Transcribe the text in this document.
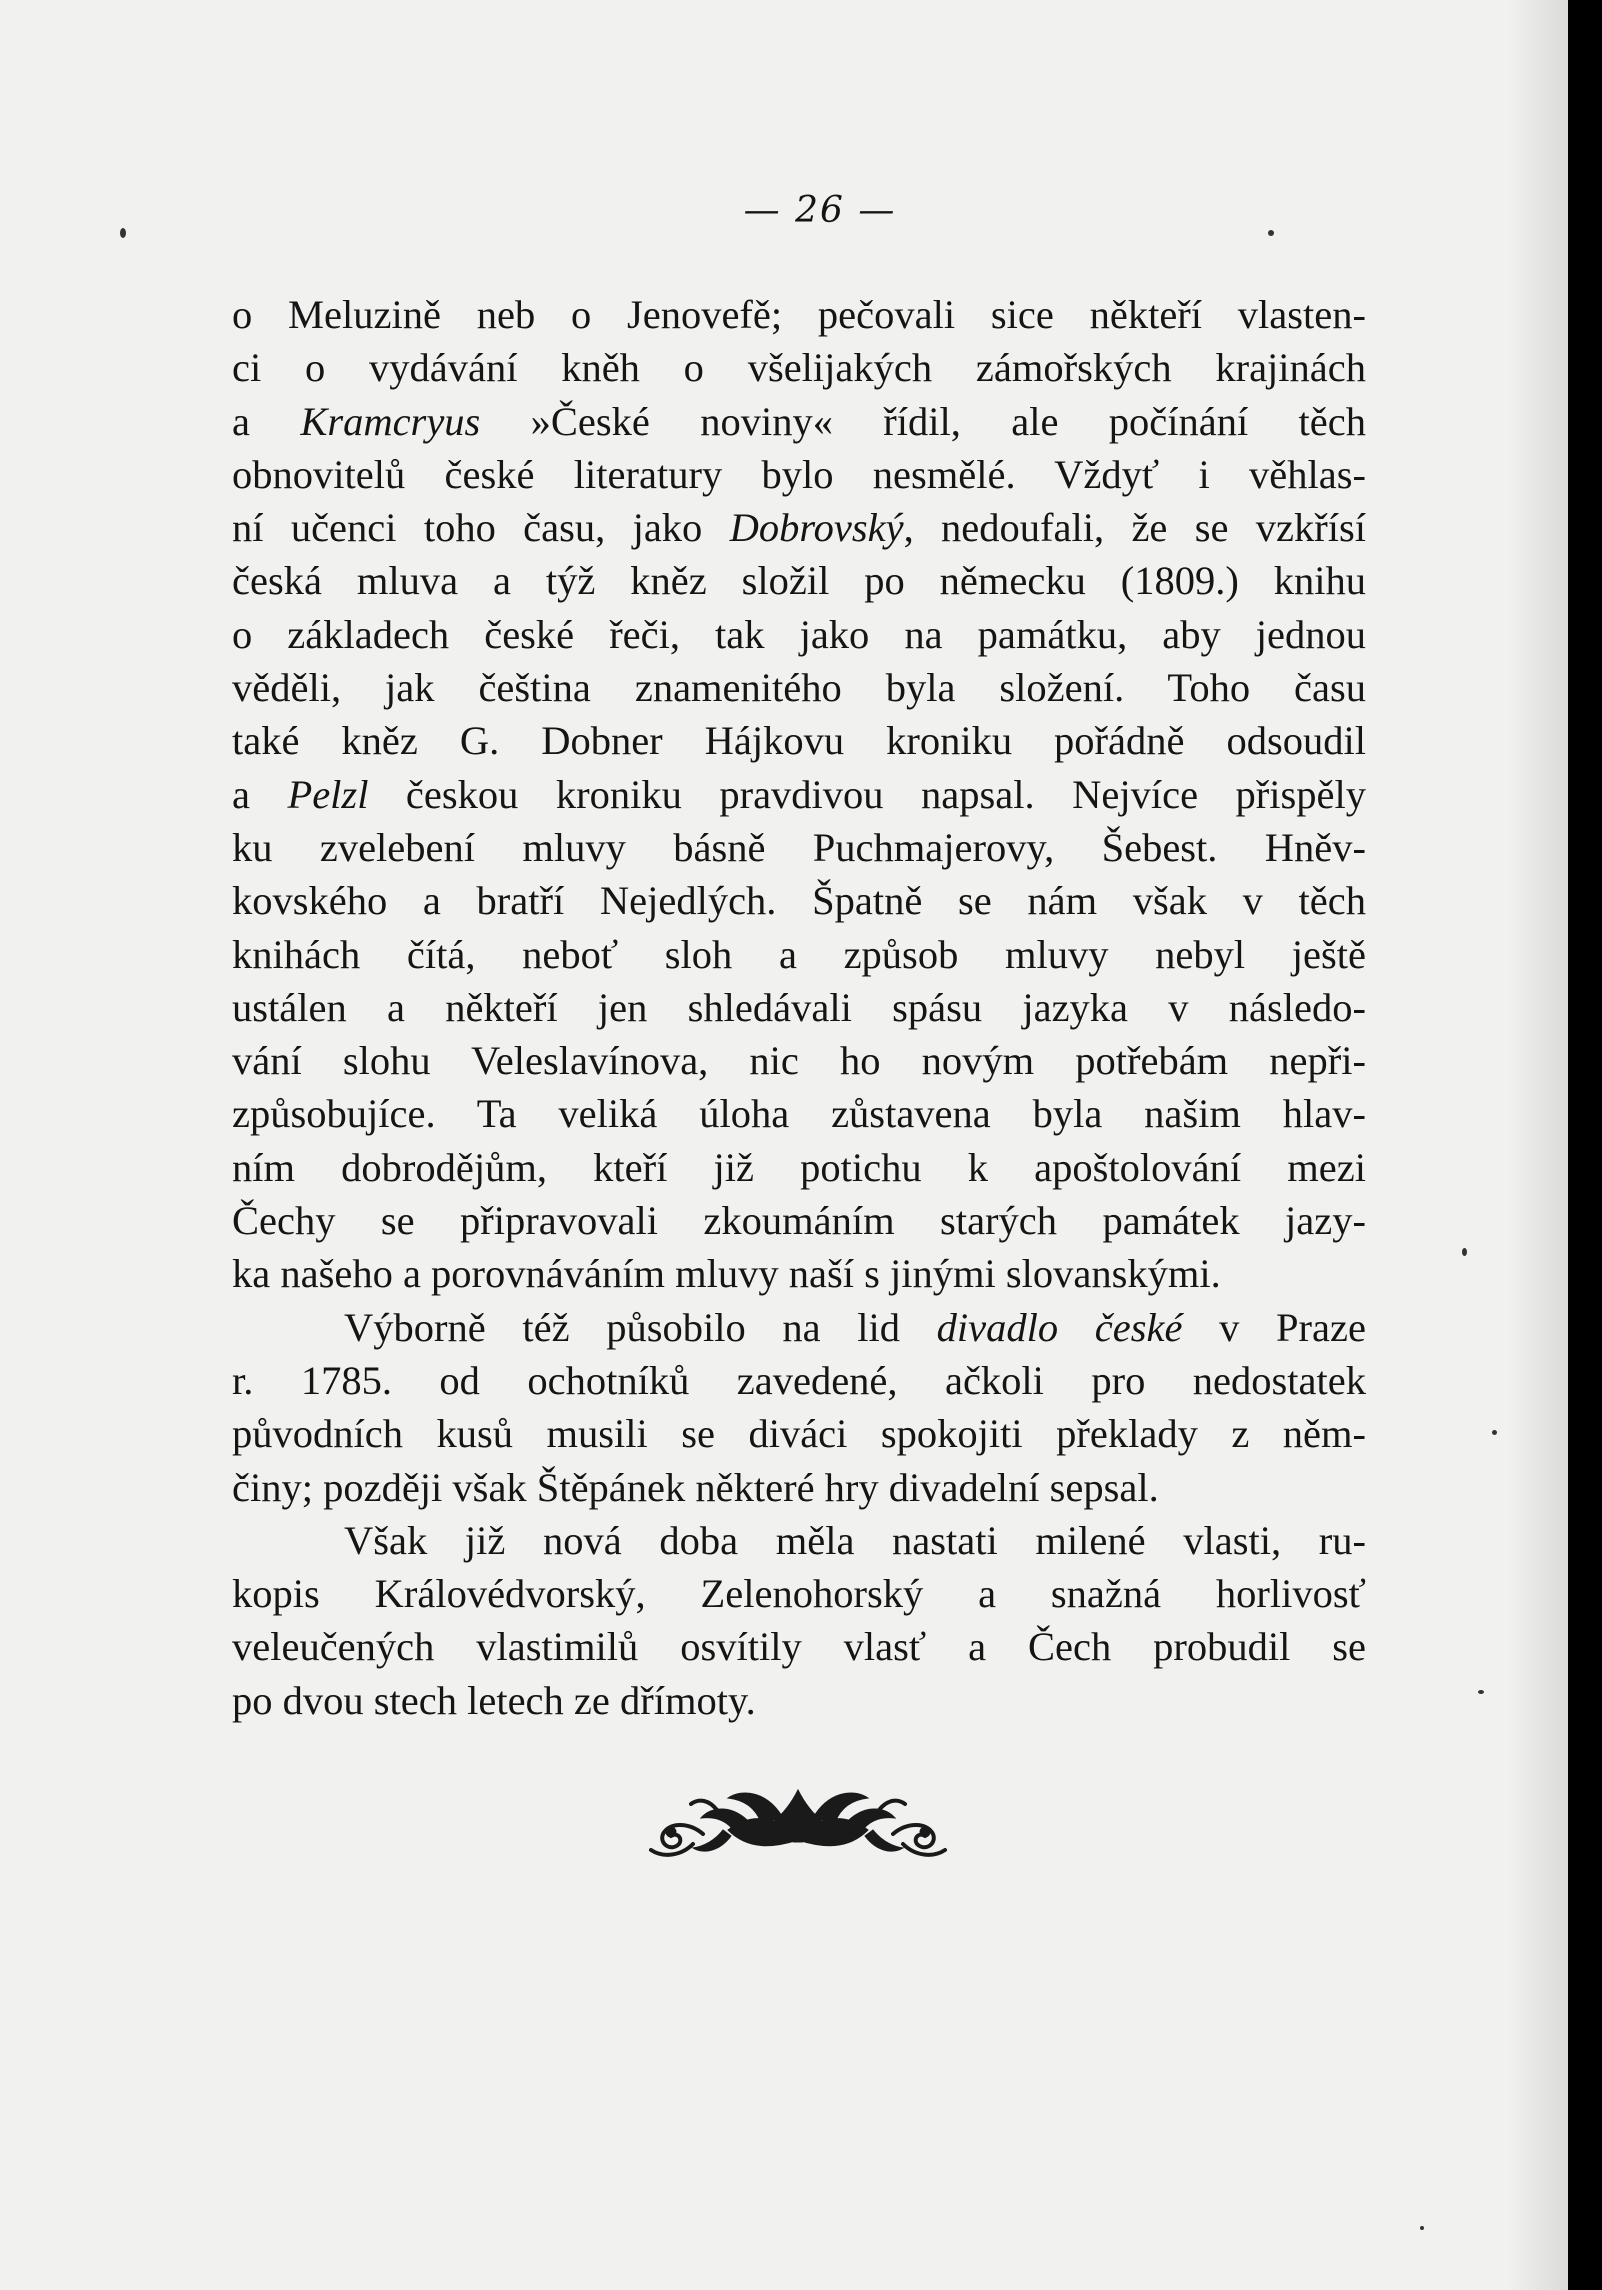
— 26 —
o Meluzině neb o Jenovefě; pečovali sice někteří vlasten-
ci o vydávání kněh o všelijakých zámořských krajinách
a Kramcryus »České noviny« řídil, ale počínání těch
obnovitelů české literatury bylo nesmělé. Vždyť i věhlas-
ní učenci toho času, jako Dobrovský, nedoufali, že se vzkřísí
česká mluva a týž kněz složil po německu (1809.) knihu
o základech české řeči, tak jako na památku, aby jednou
věděli, jak čeština znamenitého byla složení. Toho času
také kněz G. Dobner Hájkovu kroniku pořádně odsoudil
a Pelzl českou kroniku pravdivou napsal. Nejvíce přispěly
ku zvelebení mluvy básně Puchmajerovy, Šebest. Hněv-
kovského a bratří Nejedlých. Špatně se nám však v těch
knihách čítá, neboť sloh a způsob mluvy nebyl ještě
ustálen a někteří jen shledávali spásu jazyka v následo-
vání slohu Veleslavínova, nic ho novým potřebám nepři-
způsobujíce. Ta veliká úloha zůstavena byla našim hlav-
ním dobrodějům, kteří již potichu k apoštolování mezi
Čechy se připravovali zkoumáním starých památek jazy-
ka našeho a porovnáváním mluvy naší s jinými slovanskými.
Výborně též působilo na lid divadlo české v Praze
r. 1785. od ochotníků zavedené, ačkoli pro nedostatek
původních kusů musili se diváci spokojiti překlady z něm-
činy; později však Štěpánek některé hry divadelní sepsal.
Však již nová doba měla nastati milené vlasti, ru-
kopis Královédvorský, Zelenohorský a snažná horlivosť
veleučených vlastimilů osvítily vlasť a Čech probudil se
po dvou stech letech ze dřímoty.
